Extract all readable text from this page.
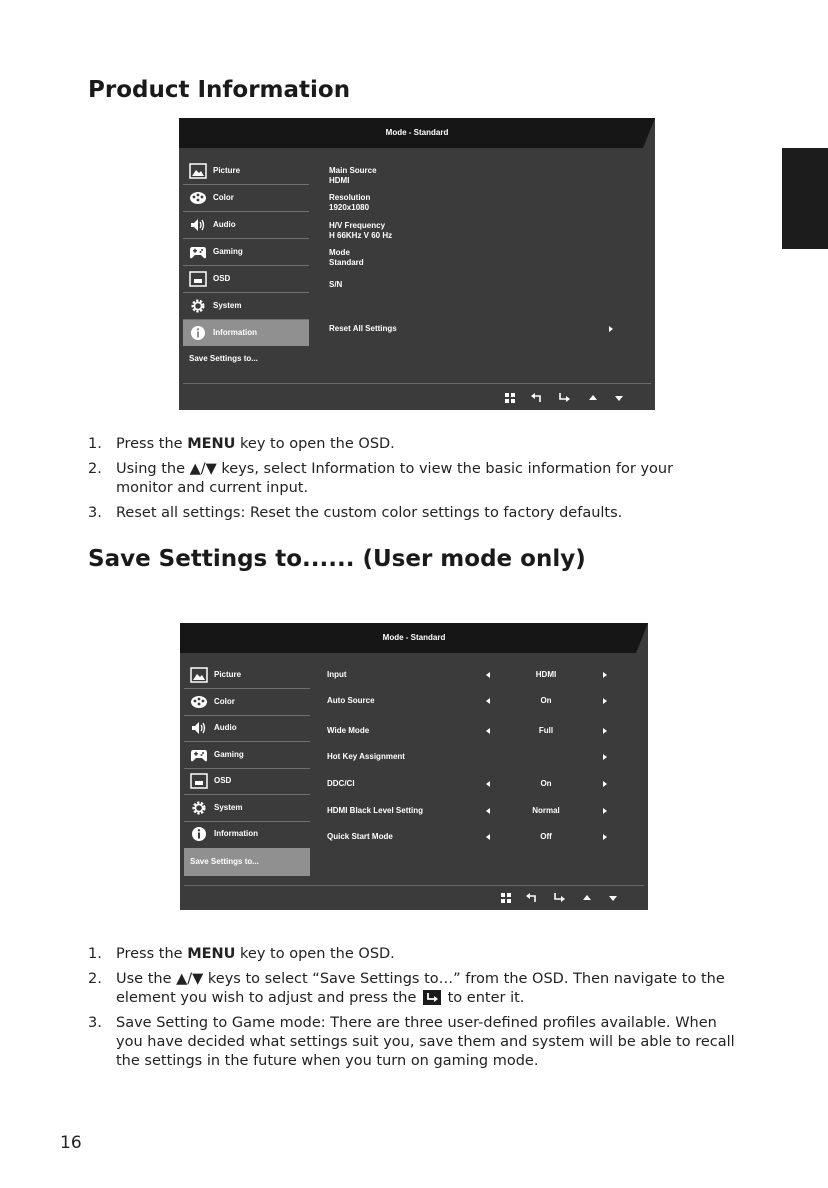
Product Information
Mode - Standard
Picture
Color
Audio
Gaming
OSD
System
Information
Save Settings to...
Main Source
HDMI
Resolution
1920x1080
H/V Frequency
H 66KHz V 60 Hz
Mode
Standard
S/N
Reset All Settings
1. Press the MENU key to open the OSD.
2. Using the ▲/▼ keys, select Information to view the basic information for your monitor and current input.
3. Reset all settings: Reset the custom color settings to factory defaults.
Save Settings to...... (User mode only)
Mode - Standard
Picture
Color
Audio
Gaming
OSD
System
Information
Save Settings to...
Input	HDMI
Auto Source	On
Wide Mode	Full
Hot Key Assignment
DDC/CI	On
HDMI Black Level Setting	Normal
Quick Start Mode	Off
1. Press the MENU key to open the OSD.
2. Use the ▲/▼ keys to select “Save Settings to…” from the OSD. Then navigate to the element you wish to adjust and press the
to enter it.
3. Save Setting to Game mode: There are three user-defined profiles available. When you have decided what settings suit you, save them and system will be able to recall the settings in the future when you turn on gaming mode.
16
